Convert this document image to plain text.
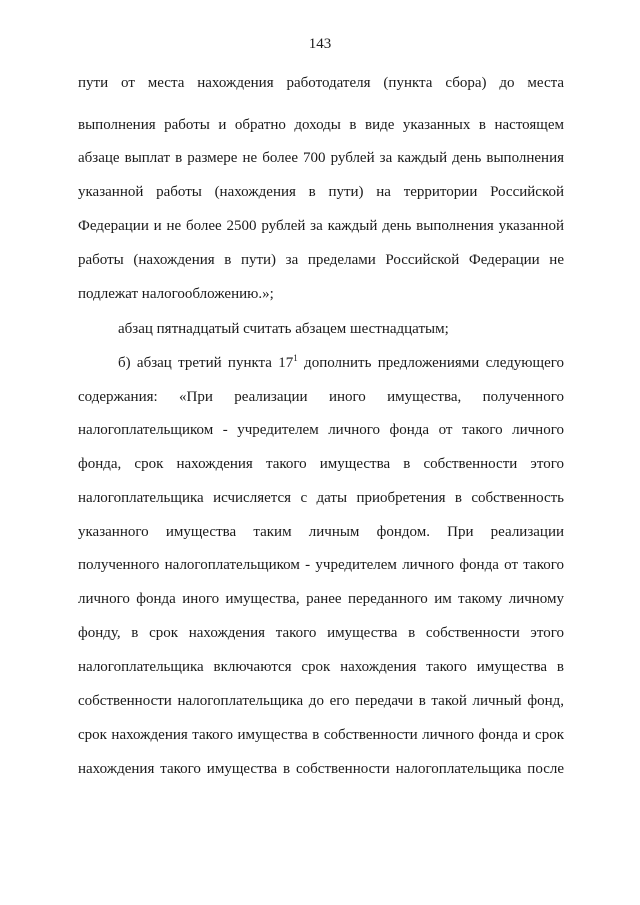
143
пути от места нахождения работодателя (пункта сбора) до места
выполнения работы и обратно доходы в виде указанных в настоящем
абзаце выплат в размере не более 700 рублей за каждый день выполнения
указанной работы (нахождения в пути) на территории Российской
Федерации и не более 2500 рублей за каждый день выполнения указанной
работы (нахождения в пути) за пределами Российской Федерации не
подлежат налогообложению.»;
абзац пятнадцатый считать абзацем шестнадцатым;
б) абзац третий пункта $17^1$ дополнить предложениями следующего
содержания: «При реализации иного имущества, полученного
налогоплательщиком - учредителем личного фонда от такого личного
фонда, срок нахождения такого имущества в собственности этого
налогоплательщика исчисляется с даты приобретения в собственность
указанного имущества таким личным фондом. При реализации
полученного налогоплательщиком - учредителем личного фонда от такого
личного фонда иного имущества, ранее переданного им такому личному
фонду, в срок нахождения такого имущества в собственности этого
налогоплательщика включаются срок нахождения такого имущества в
собственности налогоплательщика до его передачи в такой личный фонд,
срок нахождения такого имущества в собственности личного фонда и срок
нахождения такого имущества в собственности налогоплательщика после
